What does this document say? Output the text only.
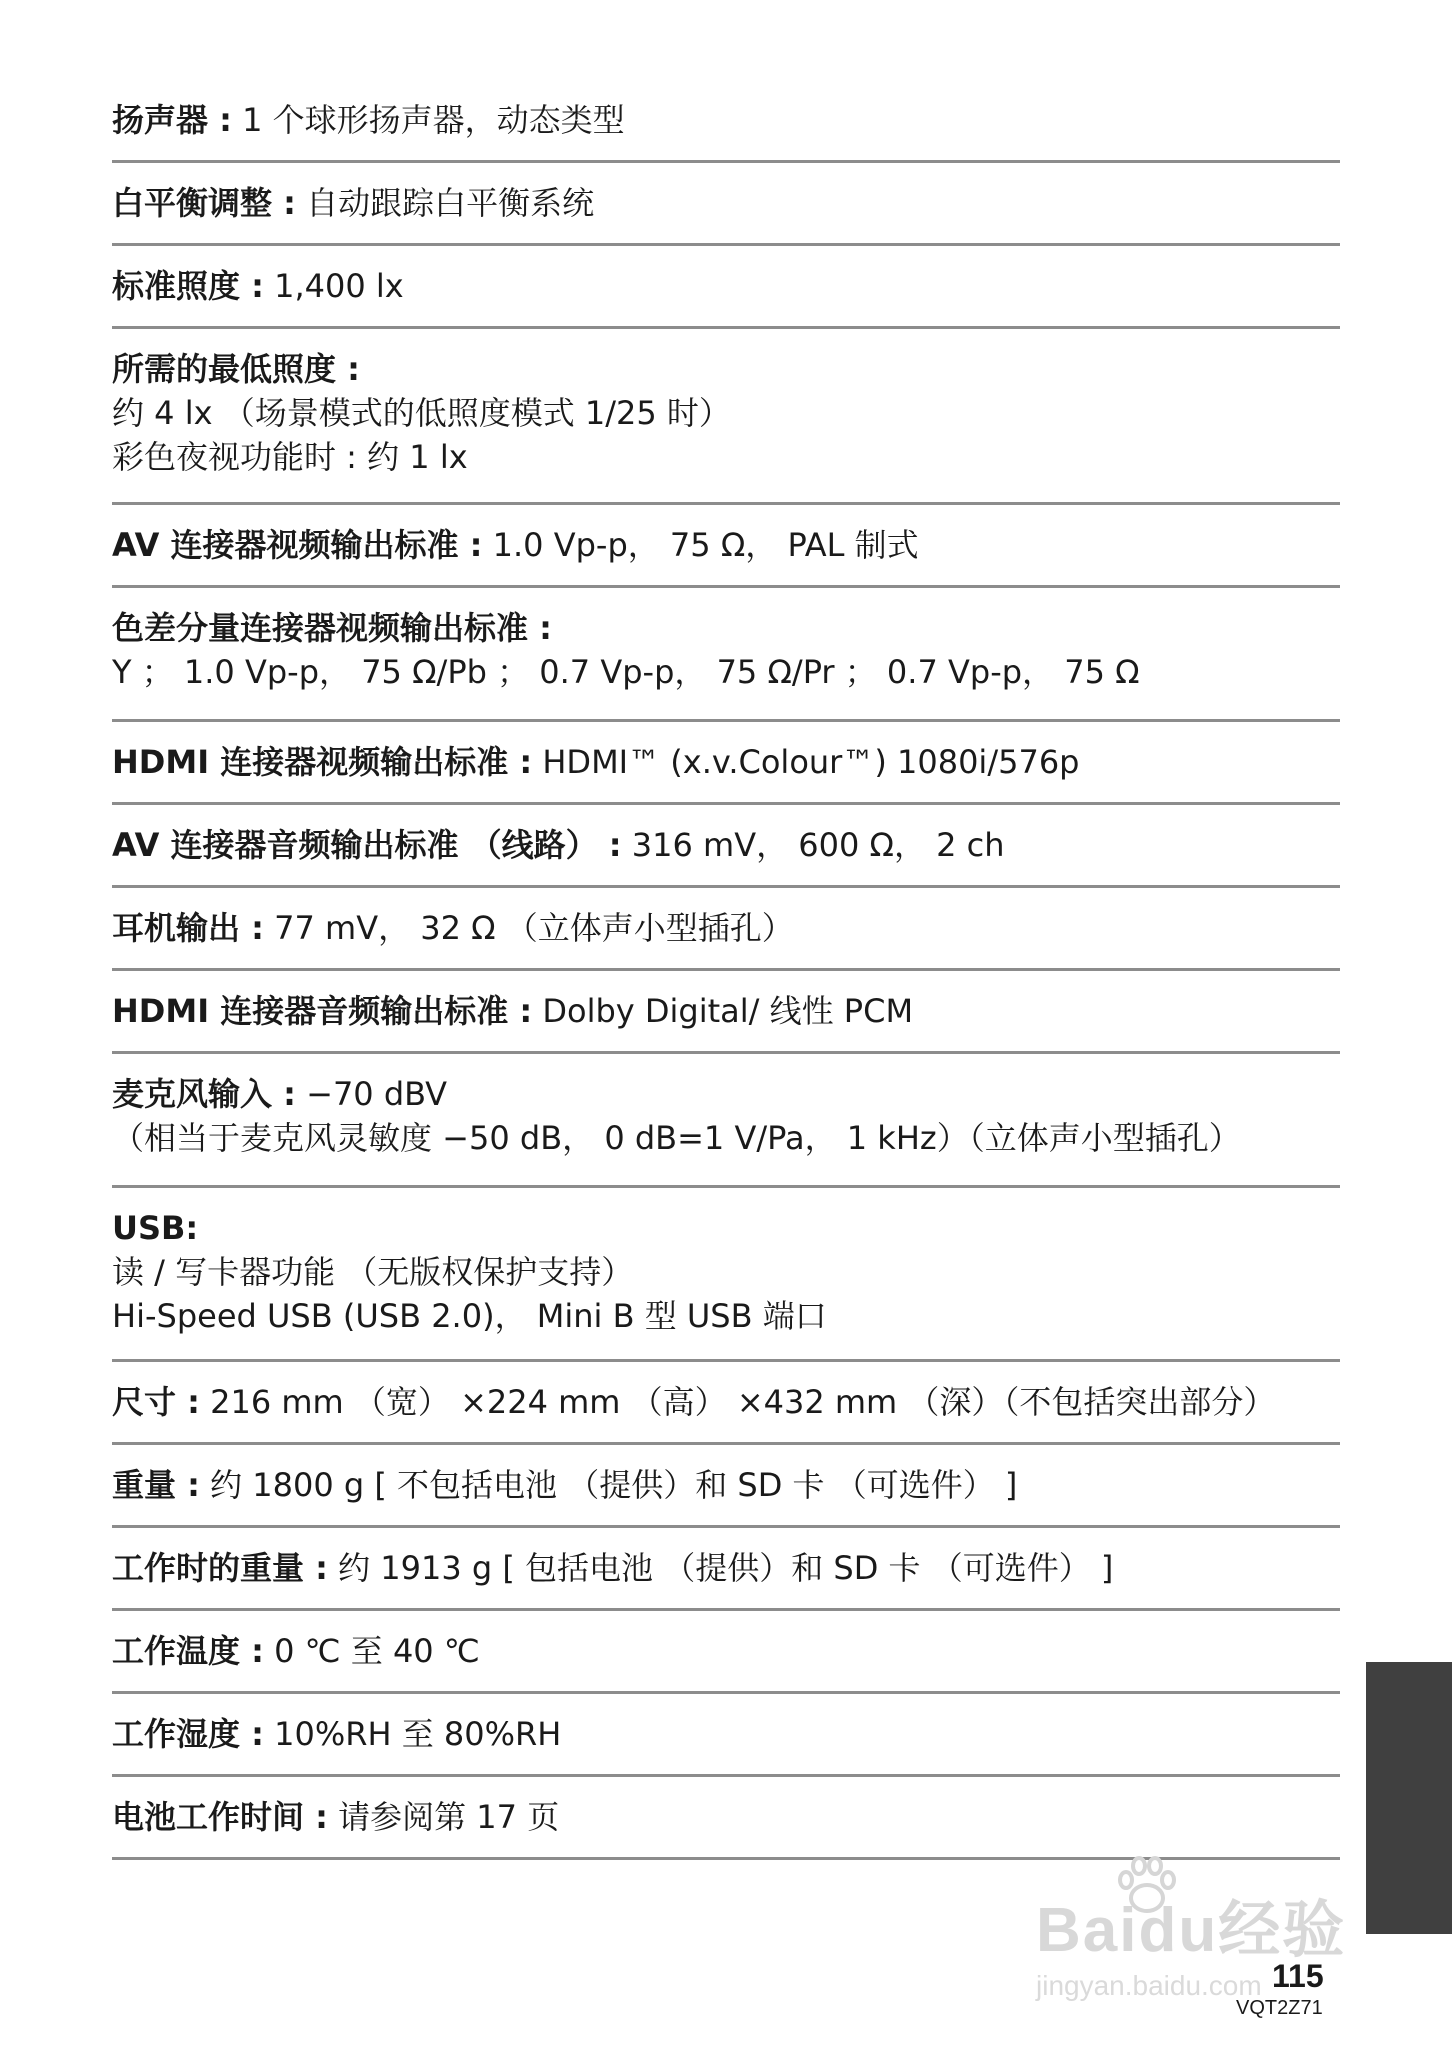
扬声器 : 1 个球形扬声器，动态类型
白平衡调整 : 自动跟踪白平衡系统
标准照度 : 1,400 lx
所需的最低照度 :
约 4 lx （场景模式的低照度模式 1/25 时）
彩色夜视功能时 : 约 1 lx
AV 连接器视频输出标准 : 1.0 Vp-p， 75 Ω， PAL 制式
色差分量连接器视频输出标准 :
Y ； 1.0 Vp-p， 75 Ω/Pb ； 0.7 Vp-p， 75 Ω/Pr ； 0.7 Vp-p， 75 Ω
HDMI 连接器视频输出标准 : HDMI™ (x.v.Colour™) 1080i/576p
AV 连接器音频输出标准 （线路） : 316 mV， 600 Ω， 2 ch
耳机输出 : 77 mV， 32 Ω （立体声小型插孔）
HDMI 连接器音频输出标准 : Dolby Digital/ 线性 PCM
麦克风输入 : −70 dBV
（相当于麦克风灵敏度 −50 dB， 0 dB=1 V/Pa， 1 kHz）（立体声小型插孔）
USB:
读 / 写卡器功能 （无版权保护支持）
Hi-Speed USB (USB 2.0)， Mini B 型 USB 端口
尺寸 : 216 mm （宽） ×224 mm （高） ×432 mm （深）（不包括突出部分）
重量 : 约 1800 g [ 不包括电池 （提供）和 SD 卡 （可选件） ]
工作时的重量 : 约 1913 g [ 包括电池 （提供）和 SD 卡 （可选件） ]
工作温度 : 0 ℃ 至 40 ℃
工作湿度 : 10%RH 至 80%RH
电池工作时间 : 请参阅第 17 页
Baidu经验
jingyan.baidu.com 115
VQT2Z71
